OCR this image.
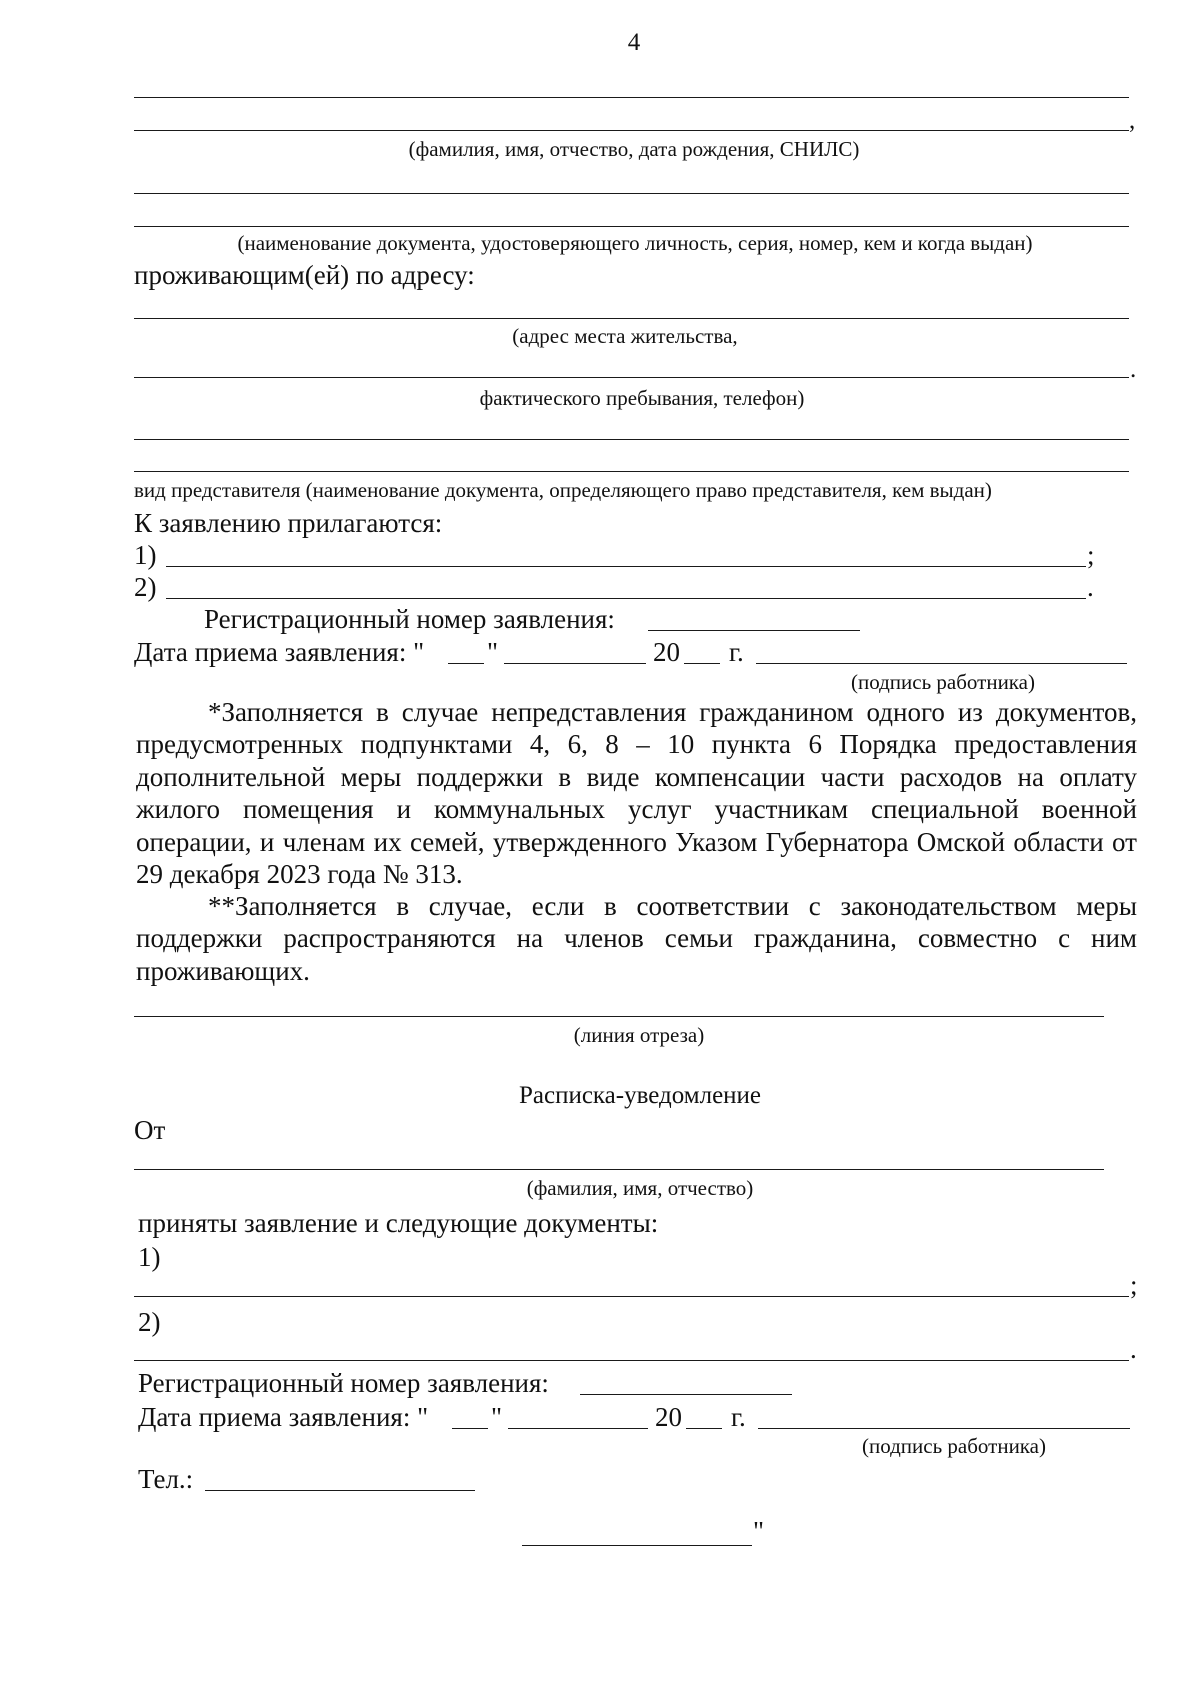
4
,
(фамилия, имя, отчество, дата рождения, СНИЛС)
(наименование документа, удостоверяющего личность, серия, номер, кем и когда выдан)
проживающим(ей) по адресу:
(адрес места жительства,
.
фактического пребывания, телефон)
вид представителя (наименование документа, определяющего право представителя, кем выдан)
К заявлению прилагаются:
1)	;
2)	.
Регистрационный номер заявления:
Дата приема заявления: " "	20 г.
(подпись работника)
*Заполняется в случае непредставления гражданином одного из документов, предусмотренных подпунктами 4, 6, 8 – 10 пункта 6 Порядка предоставления дополнительной меры поддержки в виде компенсации части расходов на оплату жилого помещения и коммунальных услуг участникам специальной военной операции, и членам их семей, утвержденного Указом Губернатора Омской области от 29 декабря 2023 года № 313.
**Заполняется в случае, если в соответствии с законодательством меры поддержки распространяются на членов семьи гражданина, совместно с ним проживающих.
(линия отреза)
Расписка-уведомление
От
(фамилия, имя, отчество)
приняты заявление и следующие документы:
1)
;
2)
.
Регистрационный номер заявления:
Дата приема заявления: " "	20 г.
(подпись работника)
Тел.:
"
